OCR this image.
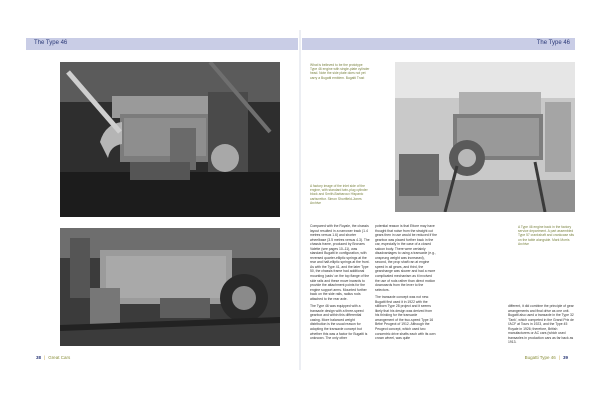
The Type 46	The Type 46
What is believed to be the prototype Type 46 engine with single-plate cylinder head. Note the side plate does not yet carry a Bugatti emblem. Bugatti Trust
A factory image of the inlet side of the engine, with standard twin-plug cylinder block and Smith-Barbaroux Hispanic carburettor. Simon Shortfield-Jones Archive
A Type 46 engine back in the factory service department. A part assembled Type 57 crankshaft and crankcase sits on the table alongside. Mark Morris Archive

Compared with the Royale, the chassis layout resulted in a narrower track (1.4 metres versus 1.6) and shorter wheelbase (3.5 metres versus 4.3). The chassis frame, produced by Bronzes Valette (see pages 10–11), was standard Bugatti in configuration, with reversed quarter-elliptic springs at the rear and half-elliptic springs at the front. As with the Type 41, and the later Type 50, the chassis frame had additional mounting 'pads' on the top flange of the side rails and these move inwards to provide the attachment points for the engine support arms. Mounted further back on the side rails, radius rods attached to the rear axle.

The Type 46 was equipped with a transaxle design with a three-speed gearbox and within this differential casing. More balanced weight distribution is the usual reason for adopting the transaxle concept but whether this was a factor for Bugatti is unknown. The only other

potential reason is that Ettore may have thought that noise from the straight cut gears then in use would be reduced if the gearbox was placed further back in the car, especially in the case of a closed saloon body. There were certainly disadvantages to using a transaxle (e.g., unsprung weight was increased), second, the prop shaft ran at engine speed in all gears, and third, the gearchange was slower and had a more complicated mechanism as it involved the use of rods rather than direct motion downwards from the lever to the selectors.

The transaxle concept was not new. Bugatti first used it in 1922 with the stillborn Type 28 project and it seems likely that his design was derived from his thinking for the transaxle arrangement of the two-speed Type 16 Bébé Peugeot of 1912. Although the Peugeot concept, which used two concentric drive shafts each with its own crown wheel, was quite

different, it did combine the principle of gear arrangements and final drive as one unit. Bugatti also used a transaxle in the Type 32 'Tank', which competed in the Grand Prix de l'ACF at Tours in 1923, and the Type 45 Royale in 1926; therefore, British manufacturers or AC cars (which used transaxles in production cars as far back as 1913.

38 | Great Cars	Bugatti Type 46 | 39
